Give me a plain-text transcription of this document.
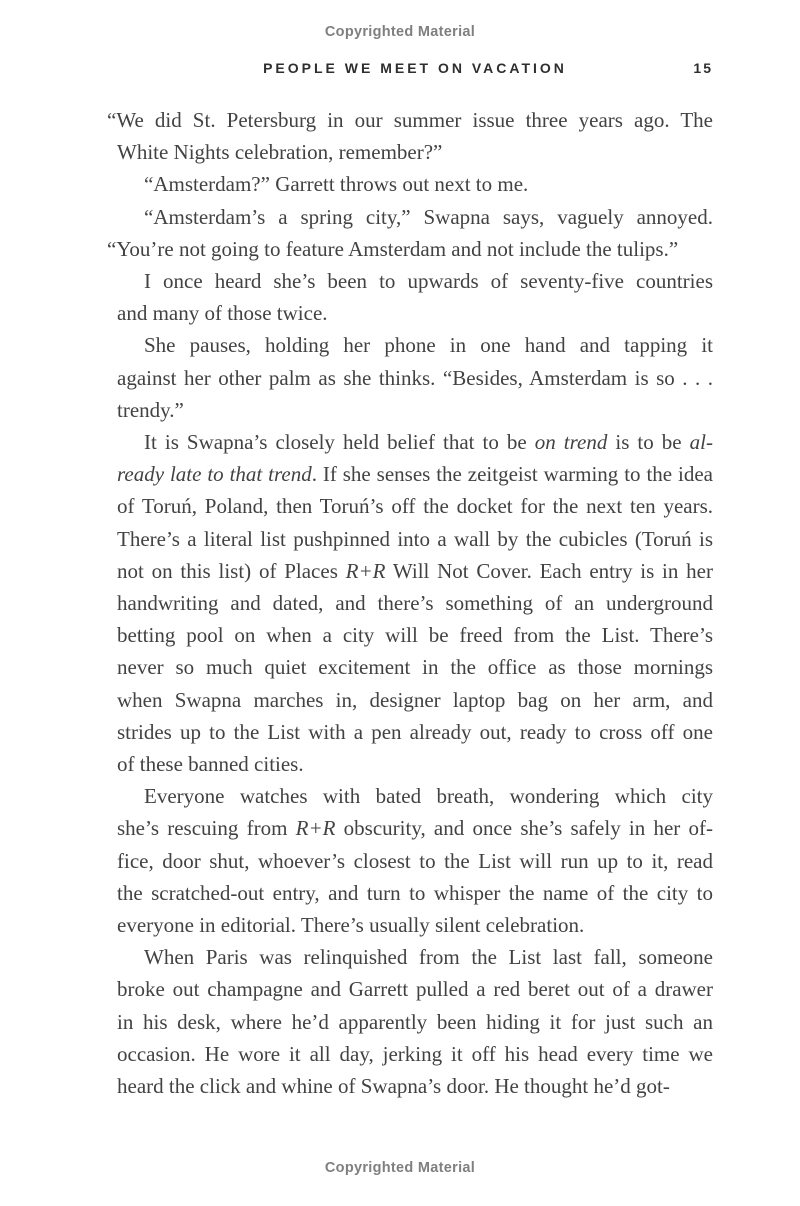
Copyrighted Material
PEOPLE WE MEET ON VACATION	15
“We did St. Petersburg in our summer issue three years ago. The
White Nights celebration, remember?”
“Amsterdam?” Garrett throws out next to me.
“Amsterdam’s a spring city,” Swapna says, vaguely annoyed.
“You’re not going to feature Amsterdam and not include the tulips.”
I once heard she’s been to upwards of seventy-five countries
and many of those twice.
She pauses, holding her phone in one hand and tapping it
against her other palm as she thinks. “Besides, Amsterdam is so . . .
trendy.”
It is Swapna’s closely held belief that to be on trend is to be al-
ready late to that trend. If she senses the zeitgeist warming to the idea
of Toruń, Poland, then Toruń’s off the docket for the next ten years.
There’s a literal list pushpinned into a wall by the cubicles (Toruń is
not on this list) of Places R+R Will Not Cover. Each entry is in her
handwriting and dated, and there’s something of an underground
betting pool on when a city will be freed from the List. There’s
never so much quiet excitement in the office as those mornings
when Swapna marches in, designer laptop bag on her arm, and
strides up to the List with a pen already out, ready to cross off one
of these banned cities.
Everyone watches with bated breath, wondering which city
she’s rescuing from R+R obscurity, and once she’s safely in her of-
fice, door shut, whoever’s closest to the List will run up to it, read
the scratched-out entry, and turn to whisper the name of the city to
everyone in editorial. There’s usually silent celebration.
When Paris was relinquished from the List last fall, someone
broke out champagne and Garrett pulled a red beret out of a drawer
in his desk, where he’d apparently been hiding it for just such an
occasion. He wore it all day, jerking it off his head every time we
heard the click and whine of Swapna’s door. He thought he’d got-
Copyrighted Material
